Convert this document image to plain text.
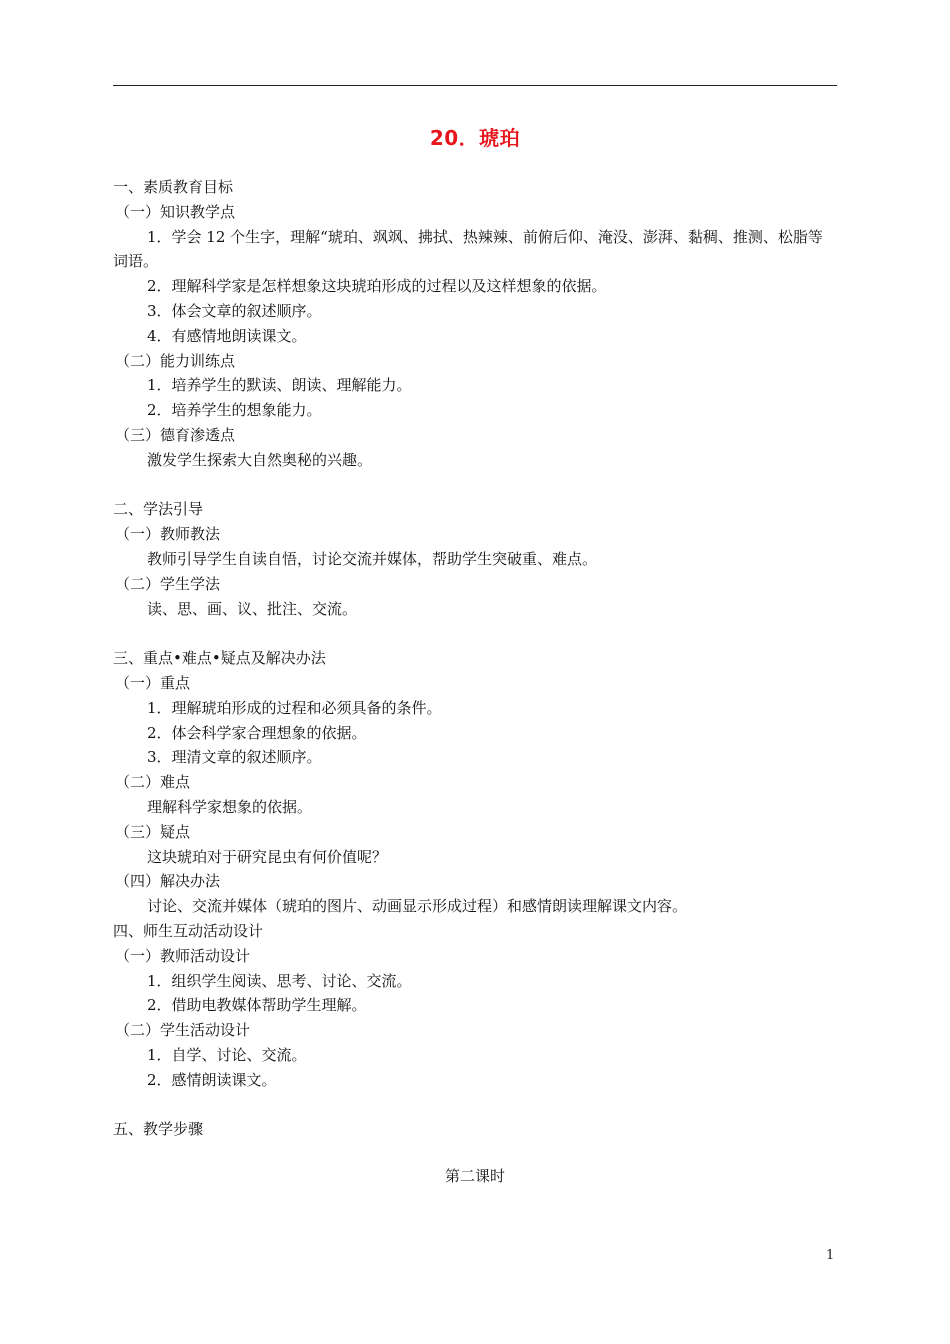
20．琥珀
一、素质教育目标
（一）知识教学点
1．学会 12 个生字，理解“琥珀、飒飒、拂拭、热辣辣、前俯后仰、淹没、澎湃、黏稠、推测、松脂等
词语。
2．理解科学家是怎样想象这块琥珀形成的过程以及这样想象的依据。
3．体会文章的叙述顺序。
4．有感情地朗读课文。
（二）能力训练点
1．培养学生的默读、朗读、理解能力。
2．培养学生的想象能力。
（三）德育渗透点
激发学生探索大自然奥秘的兴趣。
二、学法引导
（一）教师教法
教师引导学生自读自悟，讨论交流并媒体，帮助学生突破重、难点。
（二）学生学法
读、思、画、议、批注、交流。
三、重点•难点•疑点及解决办法
（一）重点
1．理解琥珀形成的过程和必须具备的条件。
2．体会科学家合理想象的依据。
3．理清文章的叙述顺序。
（二）难点
理解科学家想象的依据。
（三）疑点
这块琥珀对于研究昆虫有何价值呢？
（四）解决办法
讨论、交流并媒体（琥珀的图片、动画显示形成过程）和感情朗读理解课文内容。
四、师生互动活动设计
（一）教师活动设计
1．组织学生阅读、思考、讨论、交流。
2．借助电教媒体帮助学生理解。
（二）学生活动设计
1．自学、讨论、交流。
2．感情朗读课文。
五、教学步骤
第二课时
1
